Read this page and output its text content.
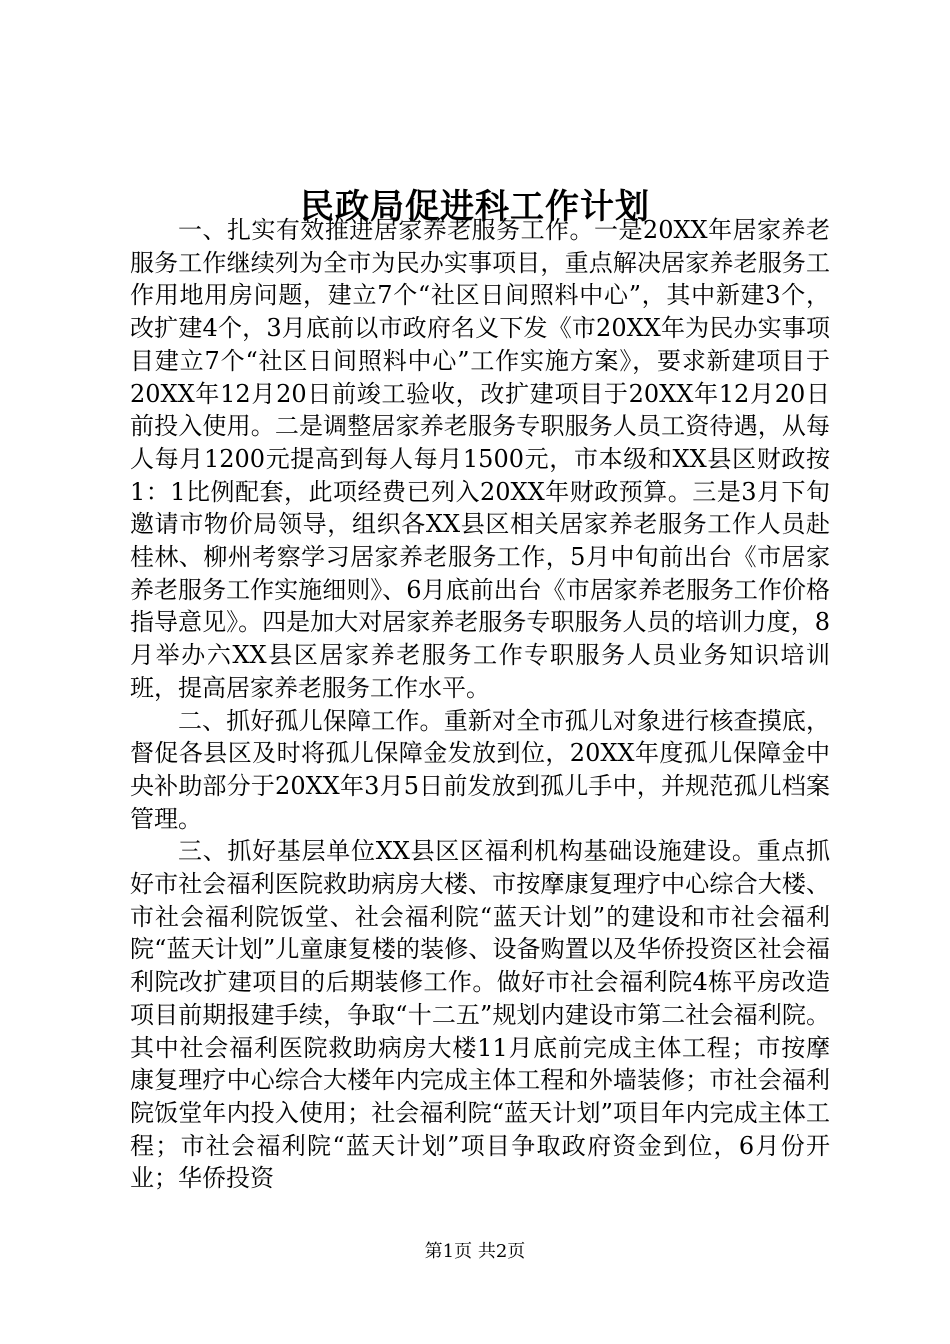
民政局促进科工作计划

一、扎实有效推进居家养老服务工作。一是20XX年居家养老服务工作继续列为全市为民办实事项目，重点解决居家养老服务工作用地用房问题，建立7个“社区日间照料中心”，其中新建3个，改扩建4个，3月底前以市政府名义下发《市20XX年为民办实事项目建立7个“社区日间照料中心”工作实施方案》，要求新建项目于20XX年12月20日前竣工验收，改扩建项目于20XX年12月20日前投入使用。二是调整居家养老服务专职服务人员工资待遇，从每人每月1200元提高到每人每月1500元，市本级和XX县区财政按1：1比例配套，此项经费已列入20XX年财政预算。三是3月下旬邀请市物价局领导，组织各XX县区相关居家养老服务工作人员赴桂林、柳州考察学习居家养老服务工作，5月中旬前出台《市居家养老服务工作实施细则》、6月底前出台《市居家养老服务工作价格指导意见》。四是加大对居家养老服务专职服务人员的培训力度，8月举办六XX县区居家养老服务工作专职服务人员业务知识培训班，提高居家养老服务工作水平。

二、抓好孤儿保障工作。重新对全市孤儿对象进行核查摸底，督促各县区及时将孤儿保障金发放到位，20XX年度孤儿保障金中央补助部分于20XX年3月5日前发放到孤儿手中，并规范孤儿档案管理。

三、抓好基层单位XX县区区福利机构基础设施建设。重点抓好市社会福利医院救助病房大楼、市按摩康复理疗中心综合大楼、市社会福利院饭堂、社会福利院“蓝天计划”的建设和市社会福利院“蓝天计划”儿童康复楼的装修、设备购置以及华侨投资区社会福利院改扩建项目的后期装修工作。做好市社会福利院4栋平房改造项目前期报建手续，争取“十二五”规划内建设市第二社会福利院。其中社会福利医院救助病房大楼11月底前完成主体工程；市按摩康复理疗中心综合大楼年内完成主体工程和外墙装修；市社会福利院饭堂年内投入使用；社会福利院“蓝天计划”项目年内完成主体工程；市社会福利院“蓝天计划”项目争取政府资金到位，6月份开业；华侨投资

第1页 共2页
